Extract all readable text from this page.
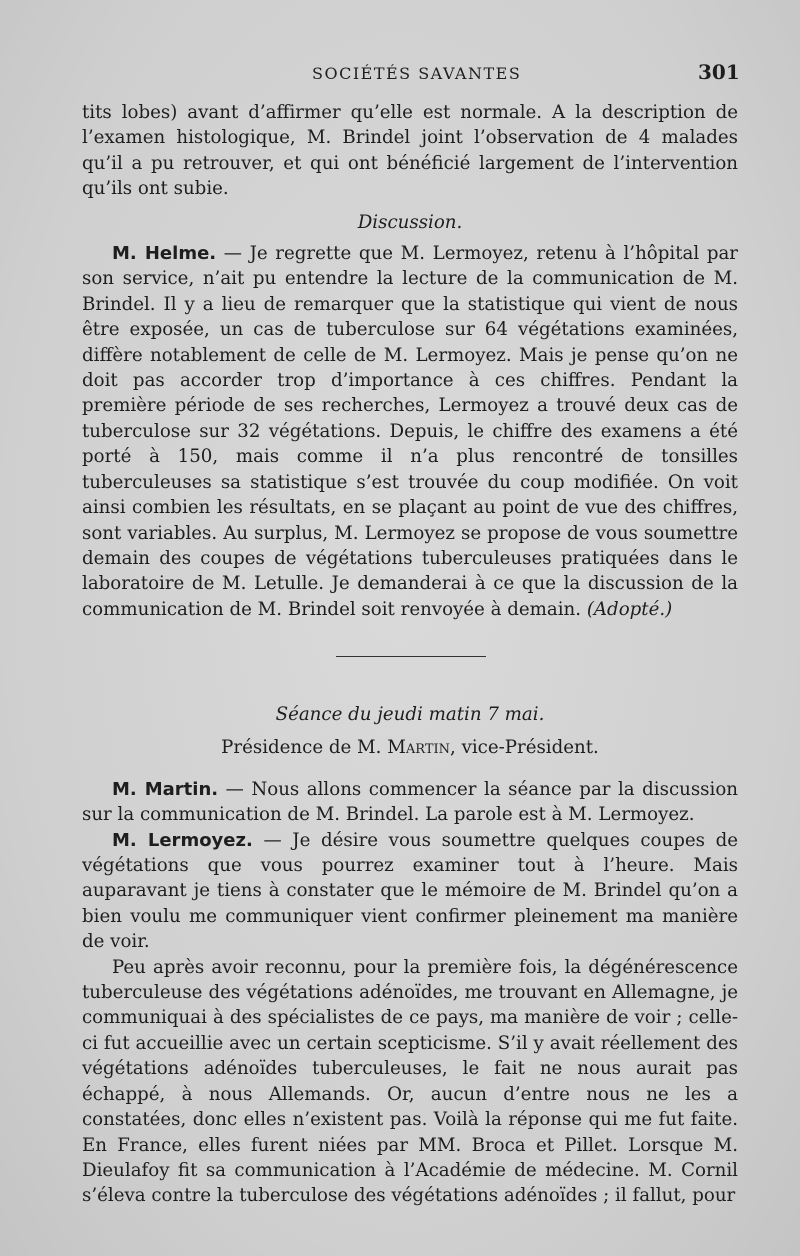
SOCIÉTÉS SAVANTES	301

tits lobes) avant d’affirmer qu’elle est normale. A la description de l’examen histologique, M. Brindel joint l’observation de 4 malades qu’il a pu retrouver, et qui ont bénéficié largement de l’intervention qu’ils ont subie.

Discussion.

M. Helme. — Je regrette que M. Lermoyez, retenu à l’hôpital par son service, n’ait pu entendre la lecture de la communication de M. Brindel. Il y a lieu de remarquer que la statistique qui vient de nous être exposée, un cas de tuberculose sur 64 végétations examinées, diffère notablement de celle de M. Lermoyez. Mais je pense qu’on ne doit pas accorder trop d’importance à ces chiffres. Pendant la première période de ses recherches, Lermoyez a trouvé deux cas de tuberculose sur 32 végétations. Depuis, le chiffre des examens a été porté à 150, mais comme il n’a plus rencontré de tonsilles tuberculeuses sa statistique s’est trouvée du coup modifiée. On voit ainsi combien les résultats, en se plaçant au point de vue des chiffres, sont variables. Au surplus, M. Lermoyez se propose de vous soumettre demain des coupes de végétations tuberculeuses pratiquées dans le laboratoire de M. Letulle. Je demanderai à ce que la discussion de la communication de M. Brindel soit renvoyée à demain. (Adopté.)

Séance du jeudi matin 7 mai.

Présidence de M. Martin, vice-Président.

M. Martin. — Nous allons commencer la séance par la discussion sur la communication de M. Brindel. La parole est à M. Lermoyez.

M. Lermoyez. — Je désire vous soumettre quelques coupes de végétations que vous pourrez examiner tout à l’heure. Mais auparavant je tiens à constater que le mémoire de M. Brindel qu’on a bien voulu me communiquer vient confirmer pleinement ma manière de voir.

Peu après avoir reconnu, pour la première fois, la dégénérescence tuberculeuse des végétations adénoïdes, me trouvant en Allemagne, je communiquai à des spécialistes de ce pays, ma manière de voir ; celle-ci fut accueillie avec un certain scepticisme. S’il y avait réellement des végétations adénoïdes tuberculeuses, le fait ne nous aurait pas échappé, à nous Allemands. Or, aucun d’entre nous ne les a constatées, donc elles n’existent pas. Voilà la réponse qui me fut faite. En France, elles furent niées par MM. Broca et Pillet. Lorsque M. Dieulafoy fit sa communication à l’Académie de médecine. M. Cornil s’éleva contre la tuberculose des végétations adénoïdes ; il fallut, pour
